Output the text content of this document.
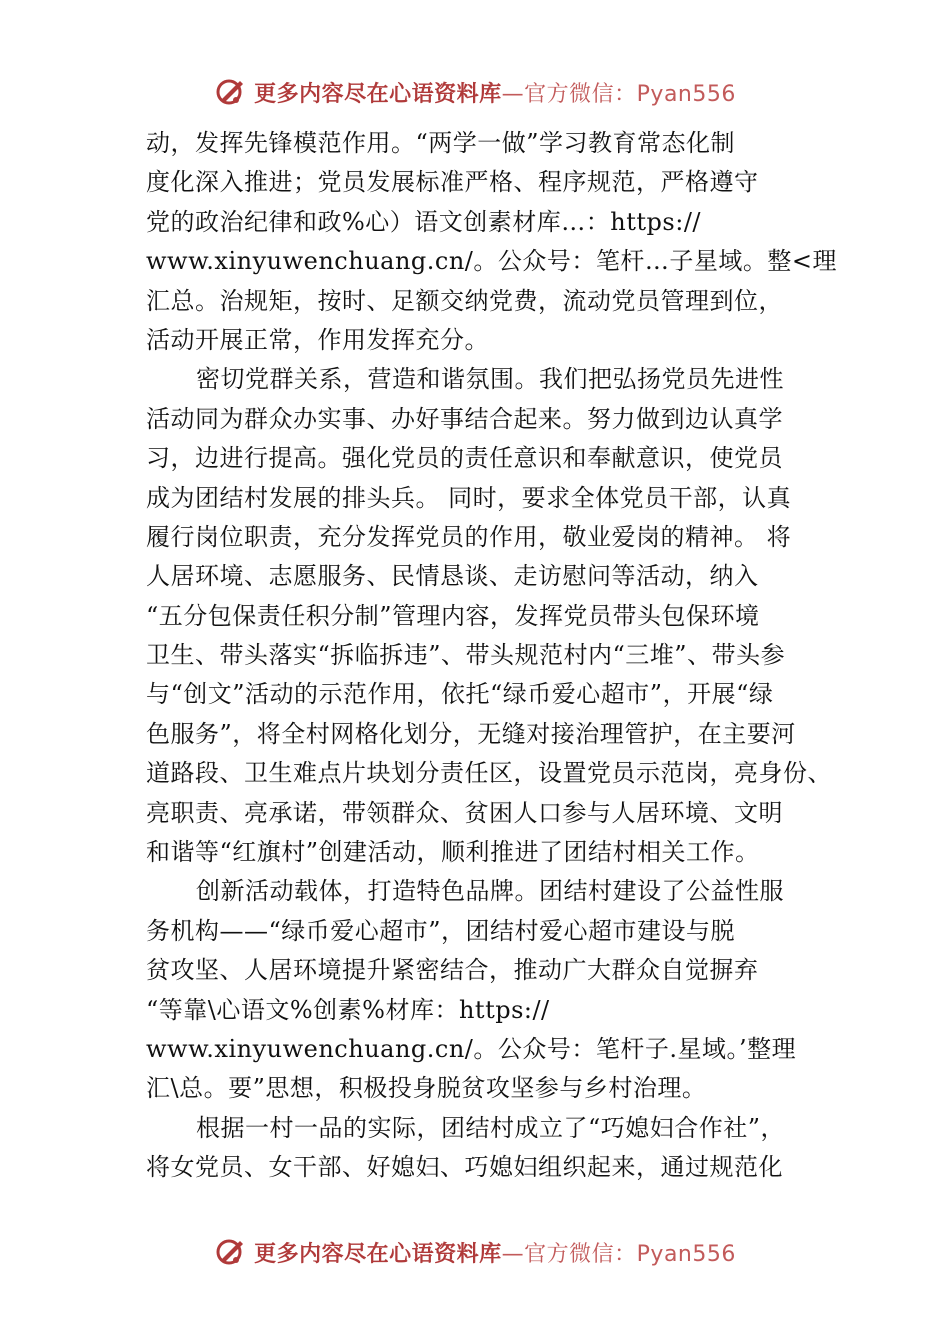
更多内容尽在心语资料库—官方微信：Pyan556
动，发挥先锋模范作用。“两学一做”学习教育常态化制
度化深入推进；党员发展标准严格、程序规范，严格遵守
党的政治纪律和政%心）语文创素材库…：https://
www.xinyuwenchuang.cn/。公众号：笔杆…子星域。整<理
汇总。治规矩，按时、足额交纳党费，流动党员管理到位，
活动开展正常，作用发挥充分。
密切党群关系，营造和谐氛围。我们把弘扬党员先进性
活动同为群众办实事、办好事结合起来。努力做到边认真学
习，边进行提高。强化党员的责任意识和奉献意识，使党员
成为团结村发展的排头兵。 同时，要求全体党员干部，认真
履行岗位职责，充分发挥党员的作用，敬业爱岗的精神。 将
人居环境、志愿服务、民情恳谈、走访慰问等活动，纳入
“五分包保责任积分制”管理内容，发挥党员带头包保环境
卫生、带头落实“拆临拆违”、带头规范村内“三堆”、带头参
与“创文”活动的示范作用，依托“绿币爱心超市”，开展“绿
色服务”，将全村网格化划分，无缝对接治理管护，在主要河
道路段、卫生难点片块划分责任区，设置党员示范岗，亮身份、
亮职责、亮承诺，带领群众、贫困人口参与人居环境、文明
和谐等“红旗村”创建活动，顺利推进了团结村相关工作。
创新活动载体，打造特色品牌。团结村建设了公益性服
务机构——“绿币爱心超市”，团结村爱心超市建设与脱
贫攻坚、人居环境提升紧密结合，推动广大群众自觉摒弃
“等靠\心语文%创素%材库：https://
www.xinyuwenchuang.cn/。公众号：笔杆子.星域。’整理
汇\总。要”思想，积极投身脱贫攻坚参与乡村治理。
根据一村一品的实际，团结村成立了“巧媳妇合作社”，
将女党员、女干部、好媳妇、巧媳妇组织起来，通过规范化
更多内容尽在心语资料库—官方微信：Pyan556
